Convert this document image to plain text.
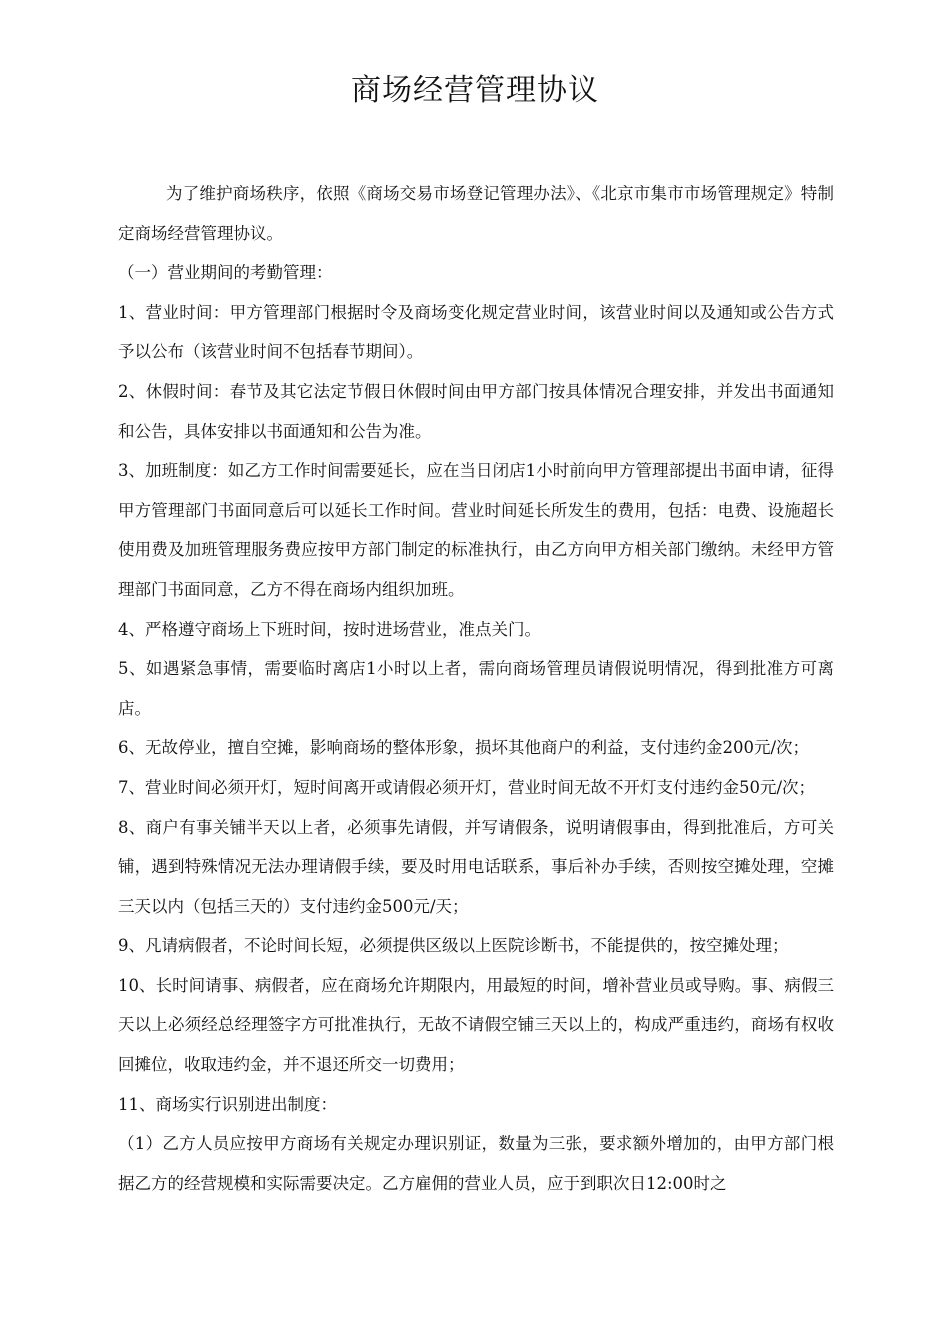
商场经营管理协议

为了维护商场秩序，依照《商场交易市场登记管理办法》、《北京市集市市场管理规定》特制定商场经营管理协议。

（一）营业期间的考勤管理：

1、营业时间：甲方管理部门根据时令及商场变化规定营业时间，该营业时间以及通知或公告方式予以公布（该营业时间不包括春节期间）。

2、休假时间：春节及其它法定节假日休假时间由甲方部门按具体情况合理安排，并发出书面通知和公告，具体安排以书面通知和公告为准。

3、加班制度：如乙方工作时间需要延长，应在当日闭店1小时前向甲方管理部提出书面申请，征得甲方管理部门书面同意后可以延长工作时间。营业时间延长所发生的费用，包括：电费、设施超长使用费及加班管理服务费应按甲方部门制定的标准执行，由乙方向甲方相关部门缴纳。未经甲方管理部门书面同意，乙方不得在商场内组织加班。

4、严格遵守商场上下班时间，按时进场营业，准点关门。

5、如遇紧急事情，需要临时离店1小时以上者，需向商场管理员请假说明情况，得到批准方可离店。

6、无故停业，擅自空摊，影响商场的整体形象，损坏其他商户的利益，支付违约金200元/次；

7、营业时间必须开灯，短时间离开或请假必须开灯，营业时间无故不开灯支付违约金50元/次；

8、商户有事关铺半天以上者，必须事先请假，并写请假条，说明请假事由，得到批准后，方可关铺，遇到特殊情况无法办理请假手续，要及时用电话联系，事后补办手续，否则按空摊处理，空摊三天以内（包括三天的）支付违约金500元/天；

9、凡请病假者，不论时间长短，必须提供区级以上医院诊断书，不能提供的，按空摊处理；

10、长时间请事、病假者，应在商场允许期限内，用最短的时间，增补营业员或导购。事、病假三天以上必须经总经理签字方可批准执行，无故不请假空铺三天以上的，构成严重违约，商场有权收回摊位，收取违约金，并不退还所交一切费用；

11、商场实行识别进出制度：

（1）乙方人员应按甲方商场有关规定办理识别证，数量为三张，要求额外增加的，由甲方部门根据乙方的经营规模和实际需要决定。乙方雇佣的营业人员，应于到职次日12:00时之
